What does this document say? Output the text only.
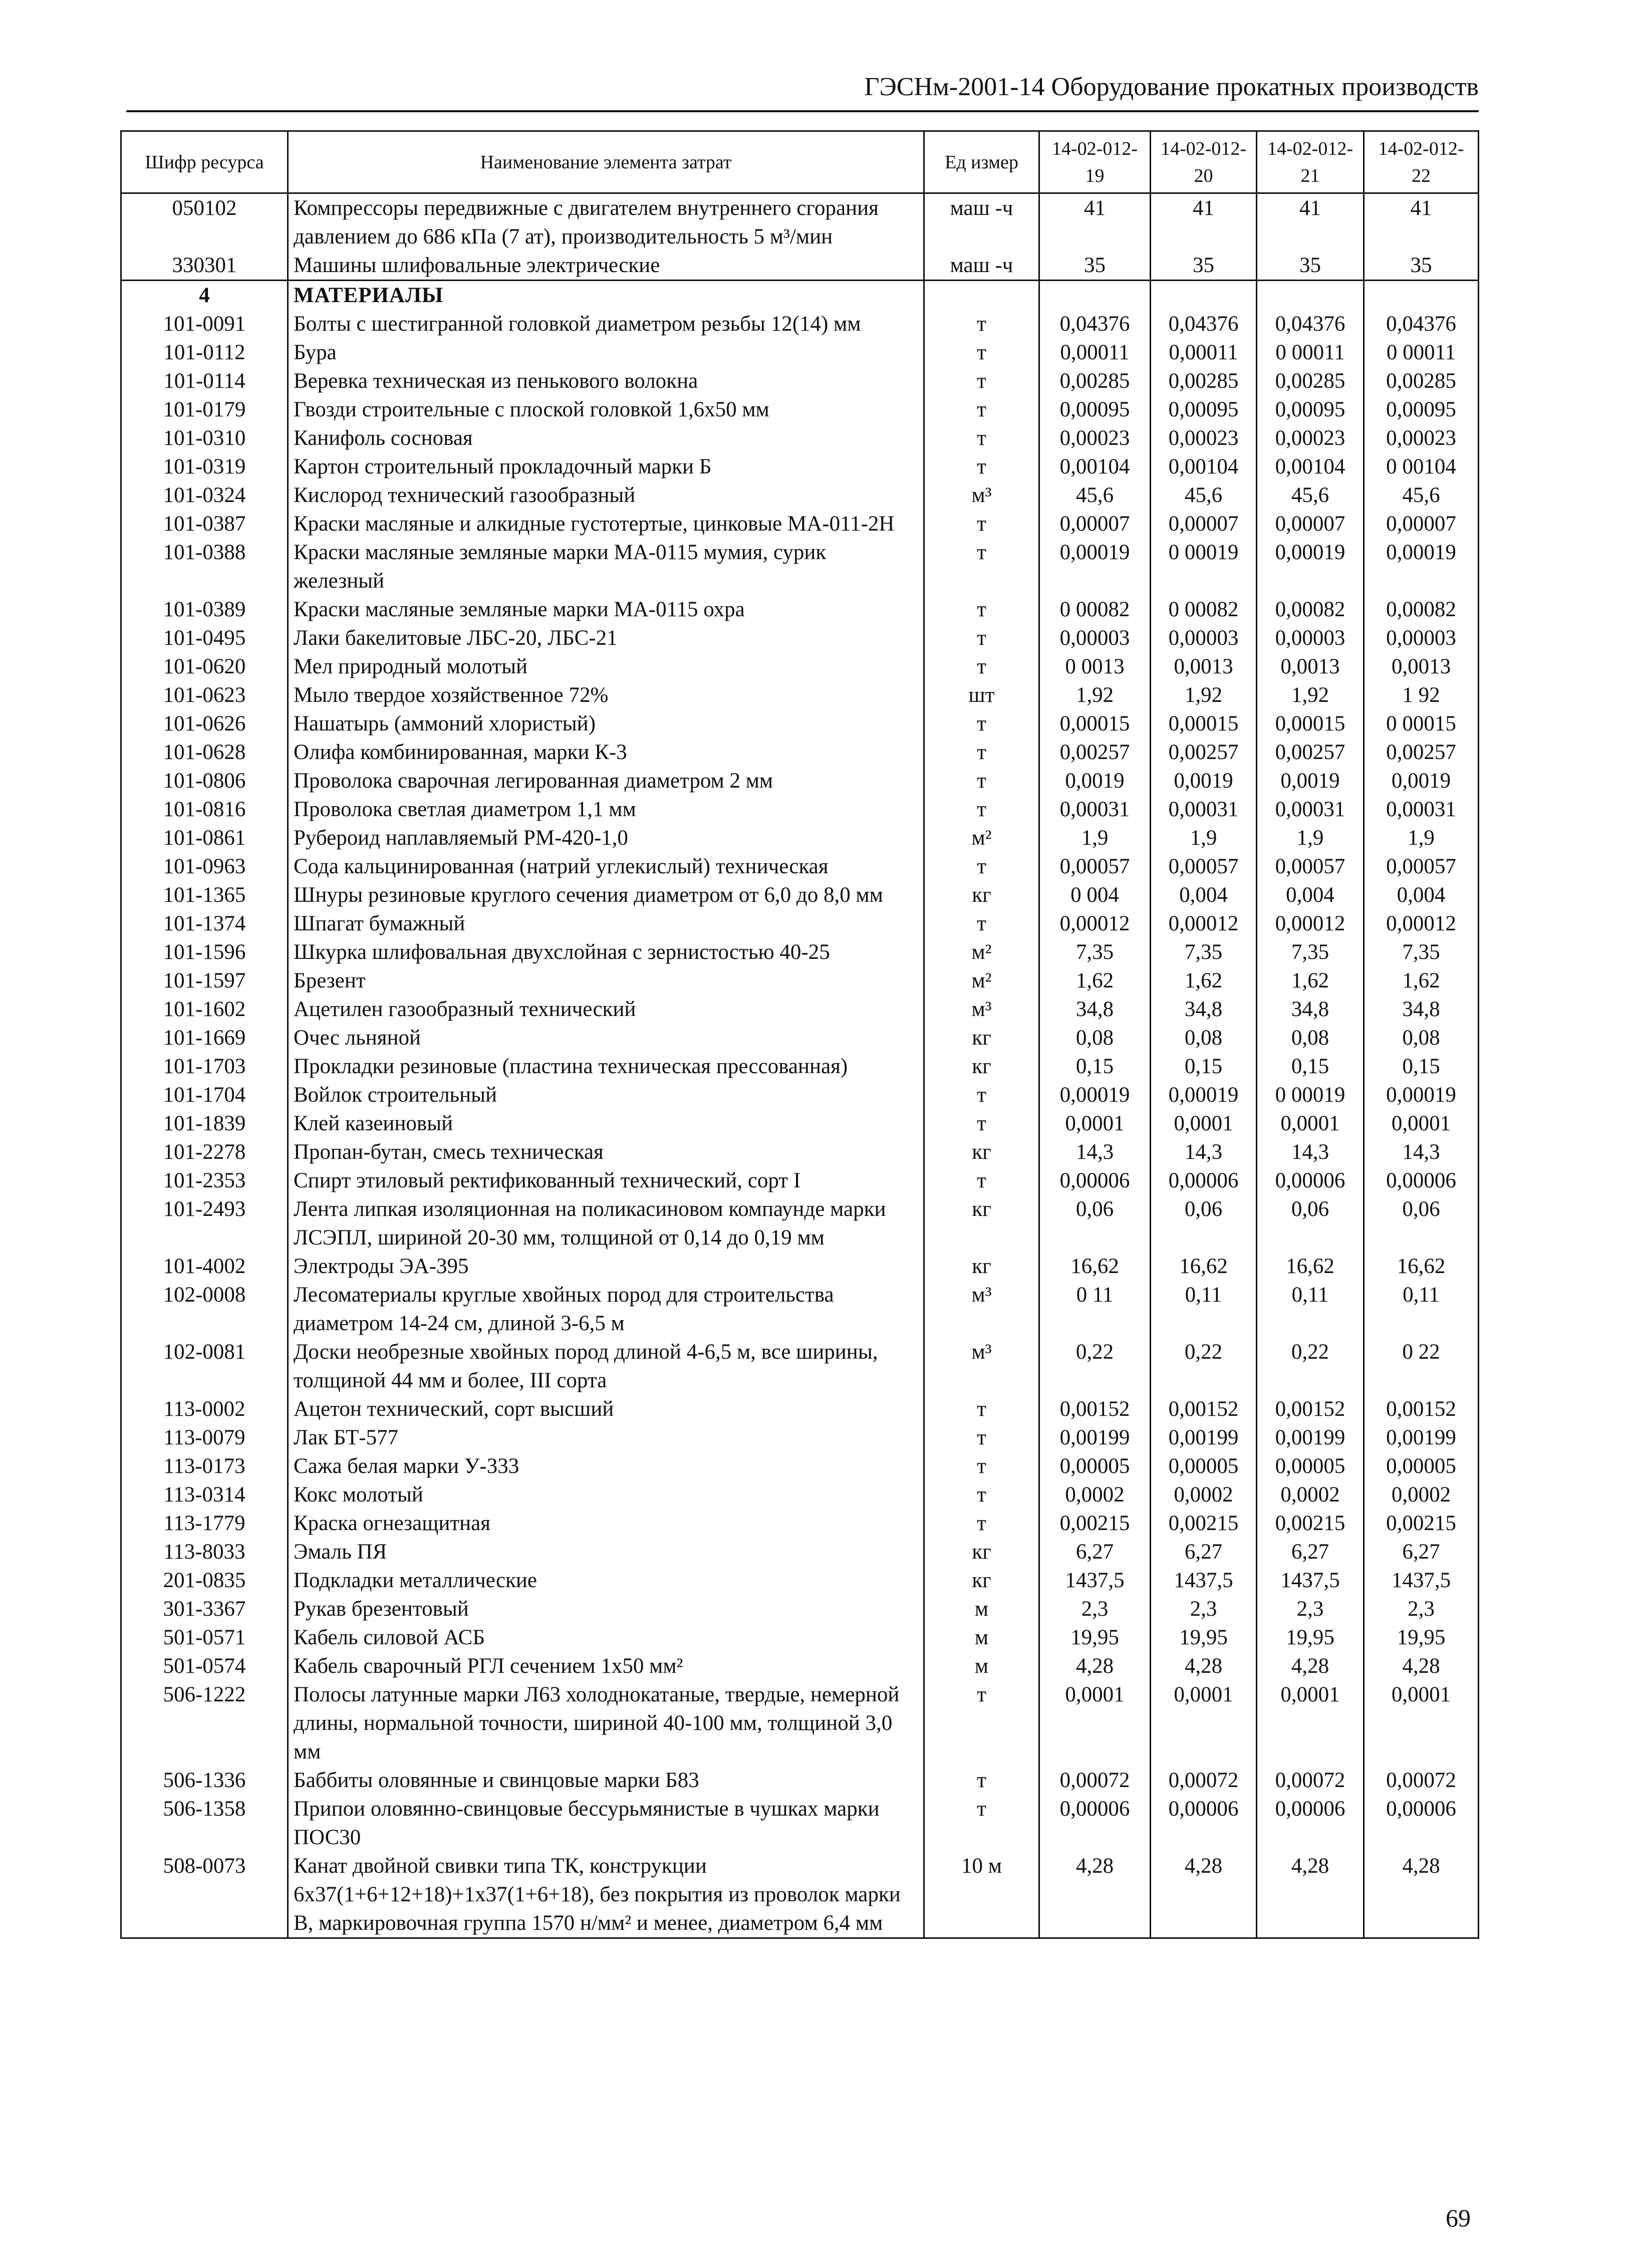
ГЭСНм-2001-14 Оборудование прокатных производств
Шифр ресурса	Наименование элемента затрат	Ед измер	14-02-012-19	14-02-012-20	14-02-012-21	14-02-012-22
050102	Компрессоры передвижные с двигателем внутреннего сгорания давлением до 686 кПа (7 ат), производительность 5 м³/мин	маш -ч	41	41	41	41
330301	Машины шлифовальные электрические	маш -ч	35	35	35	35
4	МАТЕРИАЛЫ					
101-0091	Болты с шестигранной головкой диаметром резьбы 12(14) мм	т	0,04376	0,04376	0,04376	0,04376
101-0112	Бура	т	0,00011	0,00011	0 00011	0 00011
101-0114	Веревка техническая из пенькового волокна	т	0,00285	0,00285	0,00285	0,00285
101-0179	Гвозди строительные с плоской головкой 1,6х50 мм	т	0,00095	0,00095	0,00095	0,00095
101-0310	Канифоль сосновая	т	0,00023	0,00023	0,00023	0,00023
101-0319	Картон строительный прокладочный марки Б	т	0,00104	0,00104	0,00104	0 00104
101-0324	Кислород технический газообразный	м³	45,6	45,6	45,6	45,6
101-0387	Краски масляные и алкидные густотертые, цинковые МА-011-2Н	т	0,00007	0,00007	0,00007	0,00007
101-0388	Краски масляные земляные марки МА-0115 мумия, сурик железный	т	0,00019	0 00019	0,00019	0,00019
101-0389	Краски масляные земляные марки МА-0115 охра	т	0 00082	0 00082	0,00082	0,00082
101-0495	Лаки бакелитовые ЛБС-20, ЛБС-21	т	0,00003	0,00003	0,00003	0,00003
101-0620	Мел природный молотый	т	0 0013	0,0013	0,0013	0,0013
101-0623	Мыло твердое хозяйственное 72%	шт	1,92	1,92	1,92	1 92
101-0626	Нашатырь (аммоний хлористый)	т	0,00015	0,00015	0,00015	0 00015
101-0628	Олифа комбинированная, марки К-3	т	0,00257	0,00257	0,00257	0,00257
101-0806	Проволока сварочная легированная диаметром 2 мм	т	0,0019	0,0019	0,0019	0,0019
101-0816	Проволока светлая диаметром 1,1 мм	т	0,00031	0,00031	0,00031	0,00031
101-0861	Рубероид наплавляемый РМ-420-1,0	м²	1,9	1,9	1,9	1,9
101-0963	Сода кальцинированная (натрий углекислый) техническая	т	0,00057	0,00057	0,00057	0,00057
101-1365	Шнуры резиновые круглого сечения диаметром от 6,0 до 8,0 мм	кг	0 004	0,004	0,004	0,004
101-1374	Шпагат бумажный	т	0,00012	0,00012	0,00012	0,00012
101-1596	Шкурка шлифовальная двухслойная с зернистостью 40-25	м²	7,35	7,35	7,35	7,35
101-1597	Брезент	м²	1,62	1,62	1,62	1,62
101-1602	Ацетилен газообразный технический	м³	34,8	34,8	34,8	34,8
101-1669	Очес льняной	кг	0,08	0,08	0,08	0,08
101-1703	Прокладки резиновые (пластина техническая прессованная)	кг	0,15	0,15	0,15	0,15
101-1704	Войлок строительный	т	0,00019	0,00019	0 00019	0,00019
101-1839	Клей казеиновый	т	0,0001	0,0001	0,0001	0,0001
101-2278	Пропан-бутан, смесь техническая	кг	14,3	14,3	14,3	14,3
101-2353	Спирт этиловый ректификованный технический, сорт I	т	0,00006	0,00006	0,00006	0,00006
101-2493	Лента липкая изоляционная на поликасиновом компаунде марки ЛСЭПЛ, шириной 20-30 мм, толщиной от 0,14 до 0,19 мм	кг	0,06	0,06	0,06	0,06
101-4002	Электроды ЭА-395	кг	16,62	16,62	16,62	16,62
102-0008	Лесоматериалы круглые хвойных пород для строительства диаметром 14-24 см, длиной 3-6,5 м	м³	0 11	0,11	0,11	0,11
102-0081	Доски необрезные хвойных пород длиной 4-6,5 м, все ширины, толщиной 44 мм и более, III сорта	м³	0,22	0,22	0,22	0 22
113-0002	Ацетон технический, сорт высший	т	0,00152	0,00152	0,00152	0,00152
113-0079	Лак БТ-577	т	0,00199	0,00199	0,00199	0,00199
113-0173	Сажа белая марки У-333	т	0,00005	0,00005	0,00005	0,00005
113-0314	Кокс молотый	т	0,0002	0,0002	0,0002	0,0002
113-1779	Краска огнезащитная	т	0,00215	0,00215	0,00215	0,00215
113-8033	Эмаль ПЯ	кг	6,27	6,27	6,27	6,27
201-0835	Подкладки металлические	кг	1437,5	1437,5	1437,5	1437,5
301-3367	Рукав брезентовый	м	2,3	2,3	2,3	2,3
501-0571	Кабель силовой АСБ	м	19,95	19,95	19,95	19,95
501-0574	Кабель сварочный РГЛ сечением 1х50 мм²	м	4,28	4,28	4,28	4,28
506-1222	Полосы латунные марки Л63 холоднокатаные, твердые, немерной длины, нормальной точности, шириной 40-100 мм, толщиной 3,0 мм	т	0,0001	0,0001	0,0001	0,0001
506-1336	Баббиты оловянные и свинцовые марки Б83	т	0,00072	0,00072	0,00072	0,00072
506-1358	Припои оловянно-свинцовые бессурьмянистые в чушках марки ПОС30	т	0,00006	0,00006	0,00006	0,00006
508-0073	Канат двойной свивки типа ТК, конструкции 6х37(1+6+12+18)+1х37(1+6+18), без покрытия из проволок марки В, маркировочная группа 1570 н/мм² и менее, диаметром 6,4 мм	10 м	4,28	4,28	4,28	4,28
69
